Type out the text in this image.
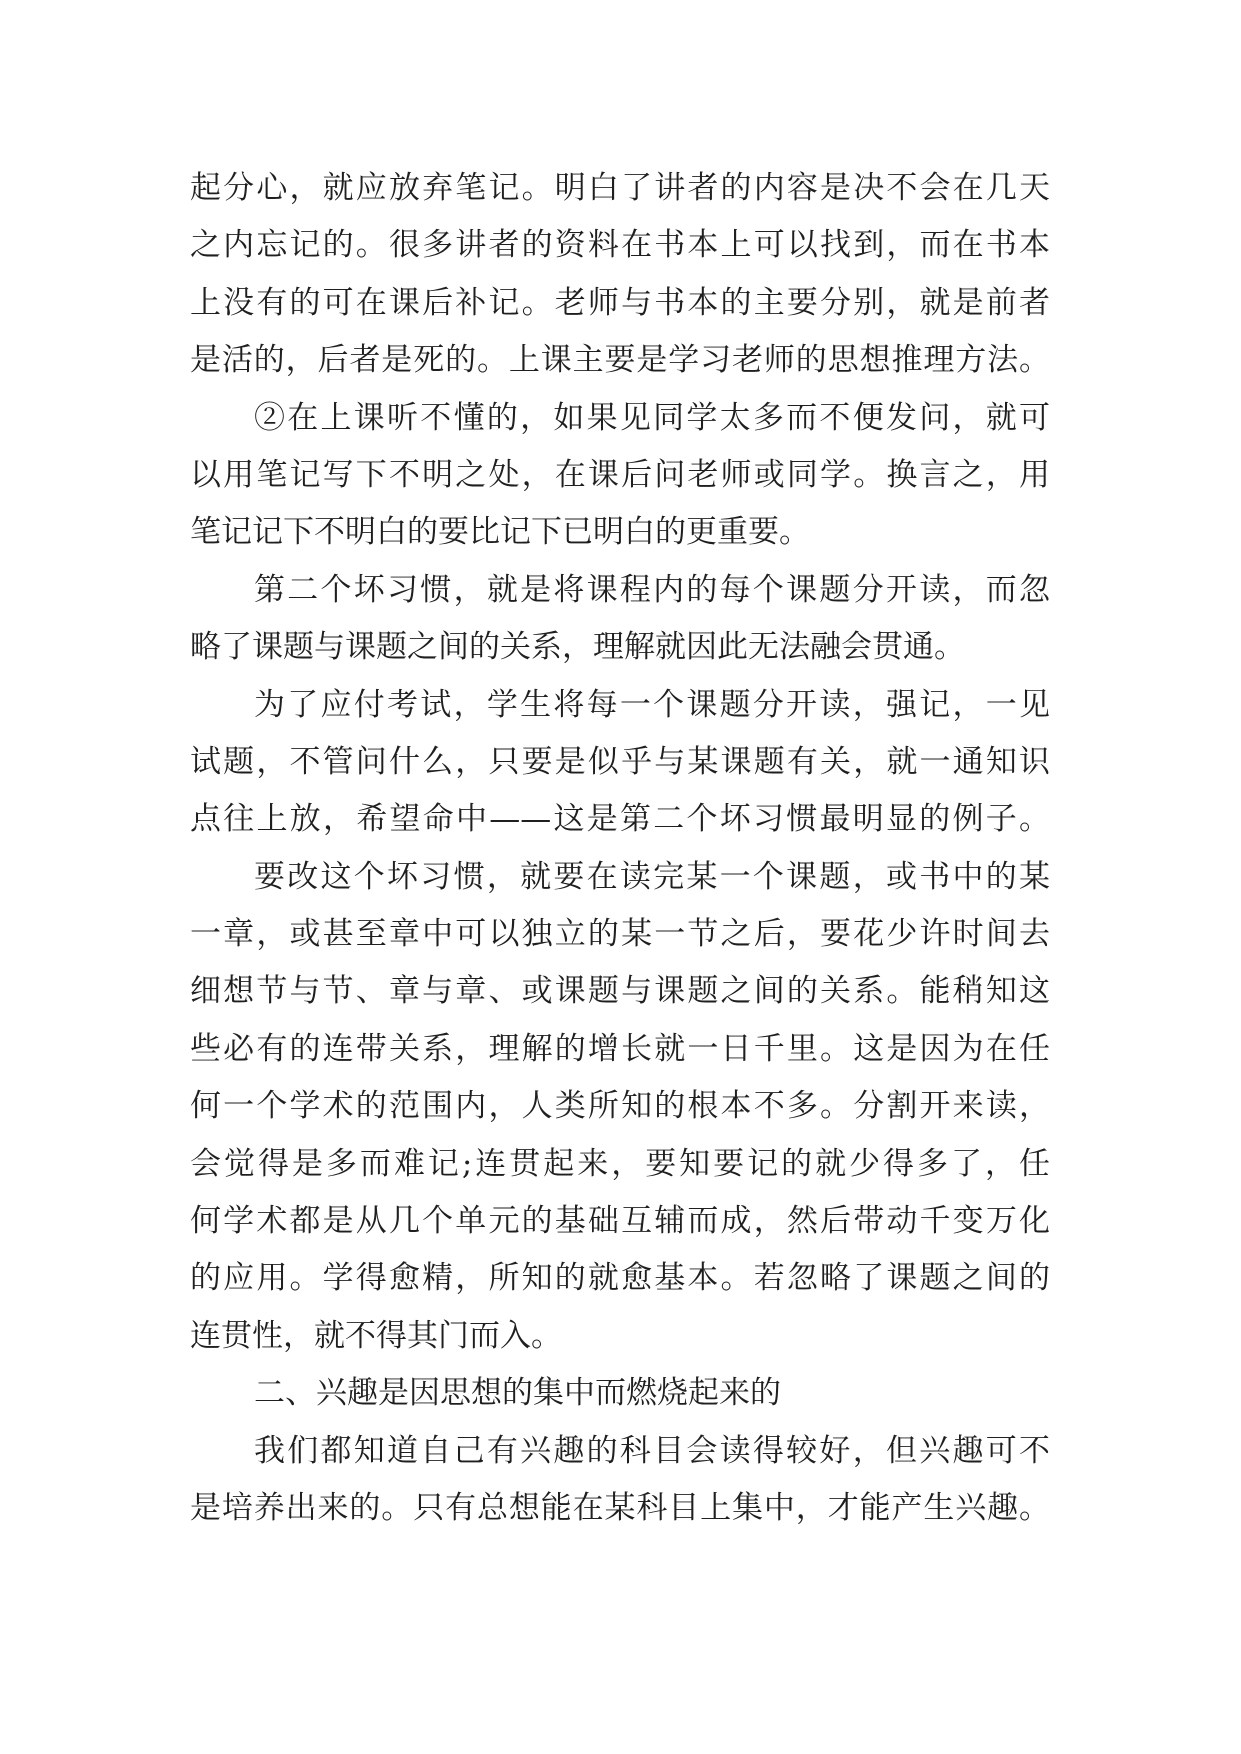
起分心，就应放弃笔记。明白了讲者的内容是决不会在几天
之内忘记的。很多讲者的资料在书本上可以找到，而在书本
上没有的可在课后补记。老师与书本的主要分别，就是前者
是活的，后者是死的。上课主要是学习老师的思想推理方法。
②在上课听不懂的，如果见同学太多而不便发问，就可
以用笔记写下不明之处，在课后问老师或同学。换言之，用
笔记记下不明白的要比记下已明白的更重要。
第二个坏习惯，就是将课程内的每个课题分开读，而忽
略了课题与课题之间的关系，理解就因此无法融会贯通。
为了应付考试，学生将每一个课题分开读，强记，一见
试题，不管问什么，只要是似乎与某课题有关，就一通知识
点往上放，希望命中——这是第二个坏习惯最明显的例子。
要改这个坏习惯，就要在读完某一个课题，或书中的某
一章，或甚至章中可以独立的某一节之后，要花少许时间去
细想节与节、章与章、或课题与课题之间的关系。能稍知这
些必有的连带关系，理解的增长就一日千里。这是因为在任
何一个学术的范围内，人类所知的根本不多。分割开来读，
会觉得是多而难记;连贯起来，要知要记的就少得多了，任
何学术都是从几个单元的基础互辅而成，然后带动千变万化
的应用。学得愈精，所知的就愈基本。若忽略了课题之间的
连贯性，就不得其门而入。
二、兴趣是因思想的集中而燃烧起来的
我们都知道自己有兴趣的科目会读得较好，但兴趣可不
是培养出来的。只有总想能在某科目上集中，才能产生兴趣。
